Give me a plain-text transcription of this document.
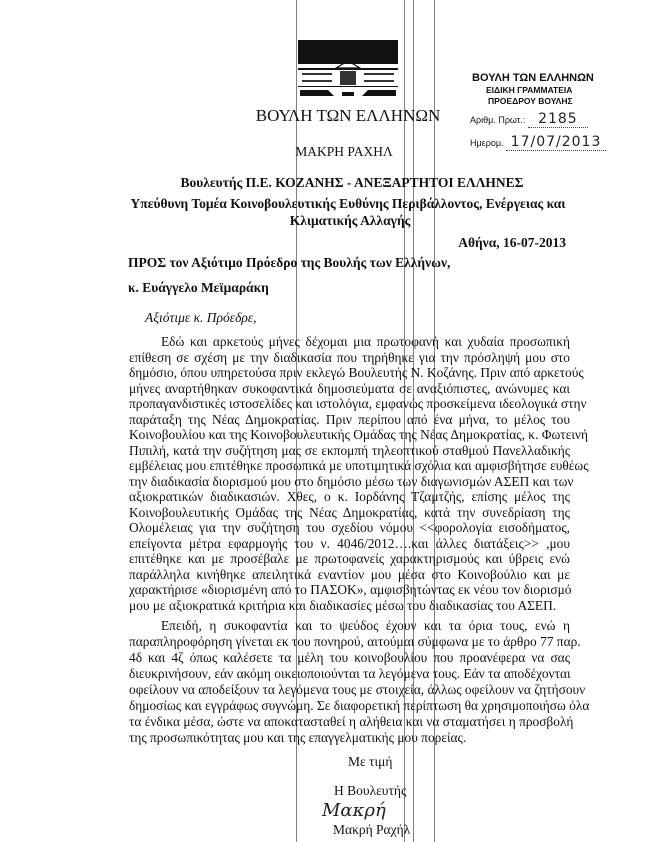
ΒΟΥΛΗ ΤΩΝ ΕΛΛΗΝΩΝ
ΒΟΥΛΗ ΤΩΝ ΕΛΛΗΝΩΝ
ΕΙΔΙΚΗ ΓΡΑΜΜΑΤΕΙΑ
ΠΡΟΕΔΡΟΥ ΒΟΥΛΗΣ
Αριθμ. Πρωτ.: 2185
Ημερομ. 17/07/2013
ΜΑΚΡΗ ΡΑΧΗΛ
Βουλευτής Π.Ε. ΚΟΖΑΝΗΣ - ΑΝΕΞΑΡΤΗΤΟΙ ΕΛΛΗΝΕΣ
Υπεύθυνη Τομέα Κοινοβουλευτικής Ευθύνης Περιβάλλοντος, Ενέργειας και
Κλιματικής Αλλαγής
Αθήνα, 16-07-2013
ΠΡΟΣ τον Αξιότιμο Πρόεδρο της Βουλής των Ελλήνων,
κ. Ευάγγελο Μεϊμαράκη
Αξιότιμε κ. Πρόεδρε,
Εδώ και αρκετούς μήνες δέχομαι μια πρωτοφανή και χυδαία προσωπική
επίθεση σε σχέση με την διαδικασία που τηρήθηκε για την πρόσληψή μου στο
δημόσιο, όπου υπηρετούσα πριν εκλεγώ Βουλευτής Ν. Κοζάνης. Πριν από αρκετούς
μήνες αναρτήθηκαν συκοφαντικά δημοσιεύματα σε αναξιόπιστες, ανώνυμες και
προπαγανδιστικές ιστοσελίδες και ιστολόγια, εμφανώς προσκείμενα ιδεολογικά στην
παράταξη της Νέας Δημοκρατίας. Πριν περίπου από ένα μήνα, το μέλος του
Κοινοβουλίου και της Κοινοβουλευτικής Ομάδας της Νέας Δημοκρατίας, κ. Φωτεινή
Πιπιλή, κατά την συζήτηση μας σε εκπομπή τηλεοπτικού σταθμού Πανελλαδικής
εμβέλειας μου επιτέθηκε προσωπικά με υποτιμητικά σχόλια και αμφισβήτησε ευθέως
την διαδικασία διορισμού μου στο δημόσιο μέσω των διαγωνισμών ΑΣΕΠ και των
αξιοκρατικών διαδικασιών. Χθες, ο κ. Ιορδάνης Τζαμτζής, επίσης μέλος της
Κοινοβουλευτικής Ομάδας της Νέας Δημοκρατίας, κατά την συνεδρίαση της
Ολομέλειας για την συζήτηση του σχεδίου νόμου <<φορολογία εισοδήματος,
επείγοντα μέτρα εφαρμογής του ν. 4046/2012….και άλλες διατάξεις>> ,μου
επιτέθηκε και με προσέβαλε με πρωτοφανείς χαρακτηρισμούς και ύβρεις ενώ
παράλληλα κινήθηκε απειλητικά εναντίον μου μέσα στο Κοινοβούλιο και με
χαρακτήρισε «διορισμένη από το ΠΑΣΟΚ», αμφισβητώντας εκ νέου τον διορισμό
μου με αξιοκρατικά κριτήρια και διαδικασίες μέσω του διαδικασίας του ΑΣΕΠ.
Επειδή, η συκοφαντία και το ψεύδος έχουν και τα όρια τους, ενώ η
παραπληροφόρηση γίνεται εκ του πονηρού, αιτούμαι σύμφωνα με το άρθρο 77 παρ.
4δ και 4ζ όπως καλέσετε τα μέλη του κοινοβουλίου που προανέφερα να σας
διευκρινήσουν, εάν ακόμη οικειοποιούνται τα λεγόμενα τους. Εάν τα αποδέχονται
οφείλουν να αποδείξουν τα λεγόμενα τους με στοιχεία, άλλως οφείλουν να ζητήσουν
δημοσίως και εγγράφως συγνώμη. Σε διαφορετική περίπτωση θα χρησιμοποιήσω όλα
τα ένδικα μέσα, ώστε να αποκατασταθεί η αλήθεια και να σταματήσει η προσβολή
της προσωπικότητας μου και της επαγγελματικής μου πορείας.
Με τιμή
Η Βουλευτής
Μακρή
Μακρή Ραχήλ
